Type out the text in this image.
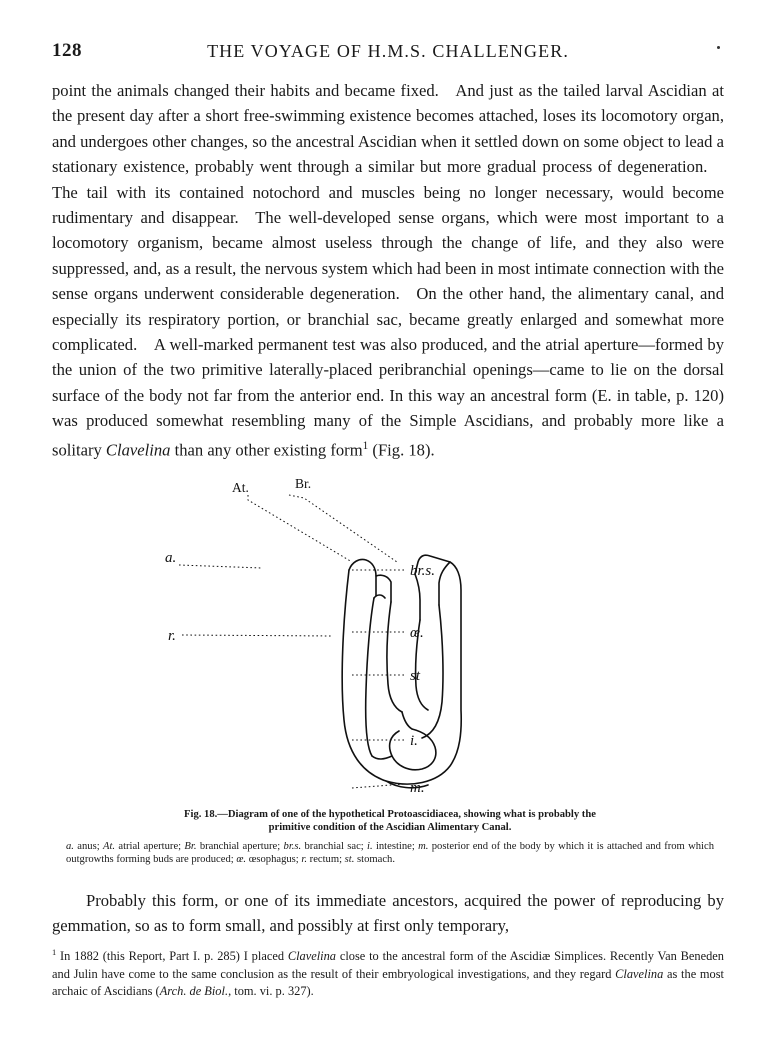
128	THE VOYAGE OF H.M.S. CHALLENGER.
point the animals changed their habits and became fixed. And just as the tailed larval Ascidian at the present day after a short free-swimming existence becomes attached, loses its locomotory organ, and undergoes other changes, so the ancestral Ascidian when it settled down on some object to lead a stationary existence, probably went through a similar but more gradual process of degeneration. The tail with its contained notochord and muscles being no longer necessary, would become rudimentary and disappear. The well-developed sense organs, which were most important to a locomotory organism, became almost useless through the change of life, and they also were suppressed, and, as a result, the nervous system which had been in most intimate connection with the sense organs underwent considerable degeneration. On the other hand, the alimentary canal, and especially its respiratory portion, or branchial sac, became greatly enlarged and somewhat more complicated. A well-marked permanent test was also produced, and the atrial aperture—formed by the union of the two primitive laterally-placed peribranchial openings—came to lie on the dorsal surface of the body not far from the anterior end. In this way an ancestral form (E. in table, p. 120) was produced somewhat resembling many of the Simple Ascidians, and probably more like a solitary Clavelina than any other existing form$^1$ (Fig. 18).
At.	Br.
a.
br.s.
r.	œ.
st
i.
m.
Fig. 18.—Diagram of one of the hypothetical Protoascidiacea, showing what is probably the
primitive condition of the Ascidian Alimentary Canal.
a. anus; At. atrial aperture; Br. branchial aperture; br.s. branchial sac; i. intestine; m. posterior end of the body by which it is attached and from which outgrowths forming buds are produced; œ. œsophagus; r. rectum; st. stomach.

Probably this form, or one of its immediate ancestors, acquired the power of reproducing by gemmation, so as to form small, and possibly at first only temporary,

$^1$ In 1882 (this Report, Part I. p. 285) I placed Clavelina close to the ancestral form of the Ascidiæ Simplices. Recently Van Beneden and Julin have come to the same conclusion as the result of their embryological investigations, and they regard Clavelina as the most archaic of Ascidians (Arch. de Biol., tom. vi. p. 327).
